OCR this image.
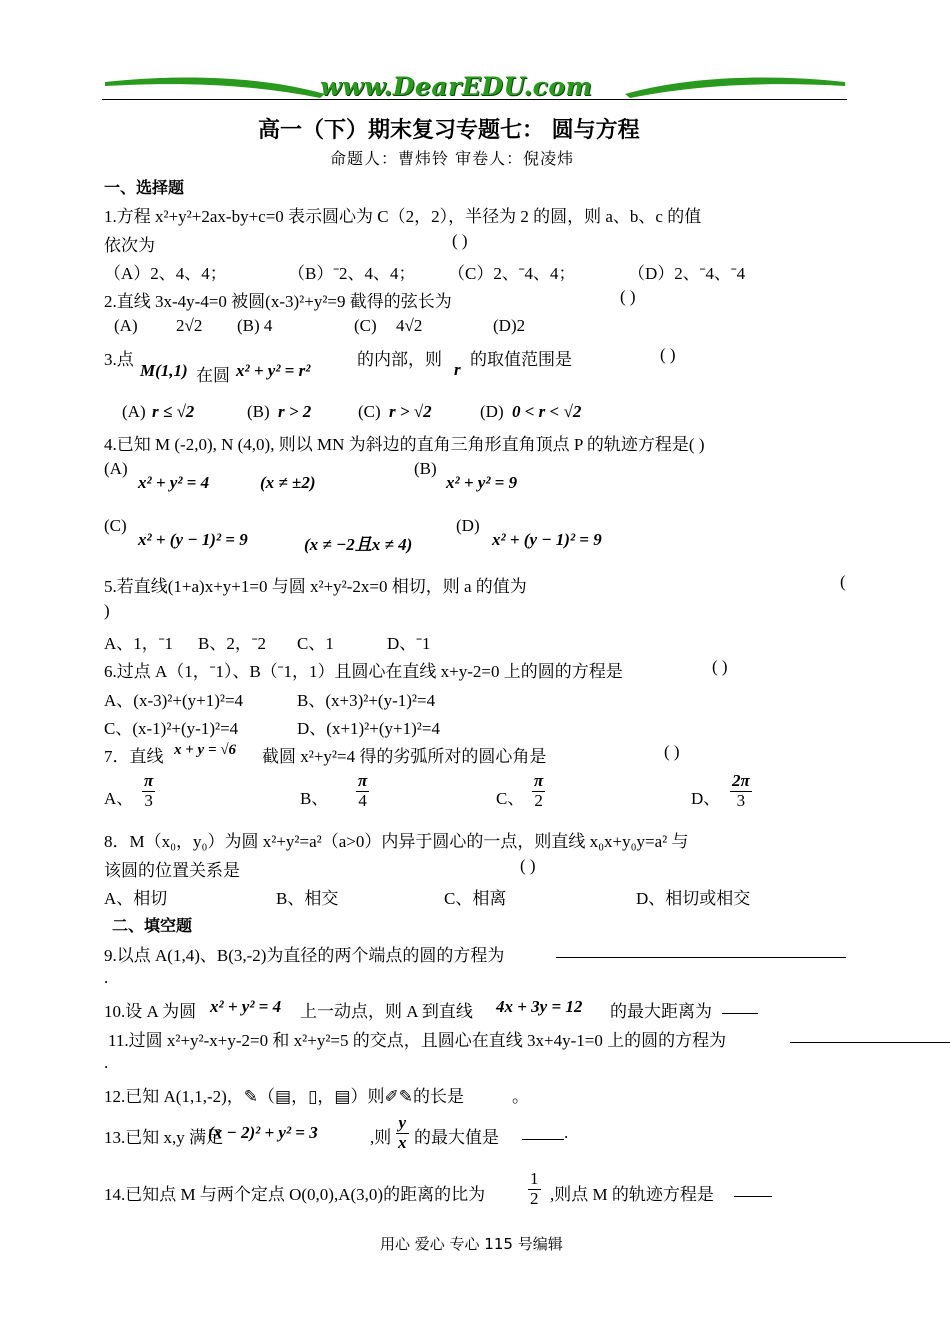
www.DearEDU.com
高一（下）期末复习专题七： 圆与方程
命题人：曹炜铃 审卷人：倪凌炜
一、选择题
1.方程 x²+y²+2ax-by+c=0 表示圆心为 C（2，2），半径为 2 的圆，则 a、b、c 的值
依次为	( )
（A）2、4、4；	（B）ˉ2、4、4； （C）2、ˉ4、4；	（D）2、ˉ4、ˉ4
2.直线 3x-4y-4=0 被圆(x-3)²+y²=9 截得的弦长为	( )
(A) 2√2 (B) 4	(C) 4√2	(D)2
3.点
M(1,1) 在圆 x² + y² = r²
的内部，则
r
的取值范围是	( )
(A) r ≤ √2	(B) r > 2	(C) r > √2	(D) 0 < r < √2
4.已知 M (-2,0), N (4,0), 则以 MN 为斜边的直角三角形直角顶点 P 的轨迹方程是( )
(A)
x² + y² = 4	(x ≠ ±2)
(B)
x² + y² = 9
(C)
x² + (y − 1)² = 9	(x ≠ −2且x ≠ 4)
(D)
x² + (y − 1)² = 9
5.若直线(1+a)x+y+1=0 与圆 x²+y²-2x=0 相切，则 a 的值为	(
)
A、1，ˉ1 B、2，ˉ2 C、1	D、ˉ1
6.过点 A（1，ˉ1）、B（ˉ1，1）且圆心在直线 x+y-2=0 上的圆的方程是	( )
A、(x-3)²+(y+1)²=4	B、(x+3)²+(y-1)²=4
C、(x-1)²+(y-1)²=4	D、(x+1)²+(y+1)²=4
7．直线 x + y = √6 截圆 x²+y²=4 得的劣弧所对的圆心角是	( )
A、 $\frac{\pi}{3}$	B、 $\frac{\pi}{4}$	C、 $\frac{\pi}{2}$	D、 $\frac{2\pi}{3}$
8．M（x₀，y₀）为圆 x²+y²=a²（a>0）内异于圆心的一点，则直线 x₀x+y₀y=a² 与
该圆的位置关系是	( )
A、相切	B、相交	C、相离	D、相切或相交
二、填空题
9.以点 A(1,4)、B(3,-2)为直径的两个端点的圆的方程为
.
10.设 A 为圆 x² + y² = 4 上一动点，则 A 到直线 4x + 3y = 12 的最大距离为
11.过圆 x²+y²-x+y-2=0 和 x²+y²=5 的交点，且圆心在直线 3x+4y-1=0 上的圆的方程为
.
12.已知 A(1,1,-2)，✎（▤，▯，▤）则✐✎的长是	。
13.已知 x,y 满足
(x − 2)² + y² = 3	,则 $\frac{y}{x}$ 的最大值是	.
14.已知点 M 与两个定点 O(0,0),A(3,0)的距离的比为	$\frac{1}{2}$ ,则点 M 的轨迹方程是
用心 爱心 专心 115 号编辑
